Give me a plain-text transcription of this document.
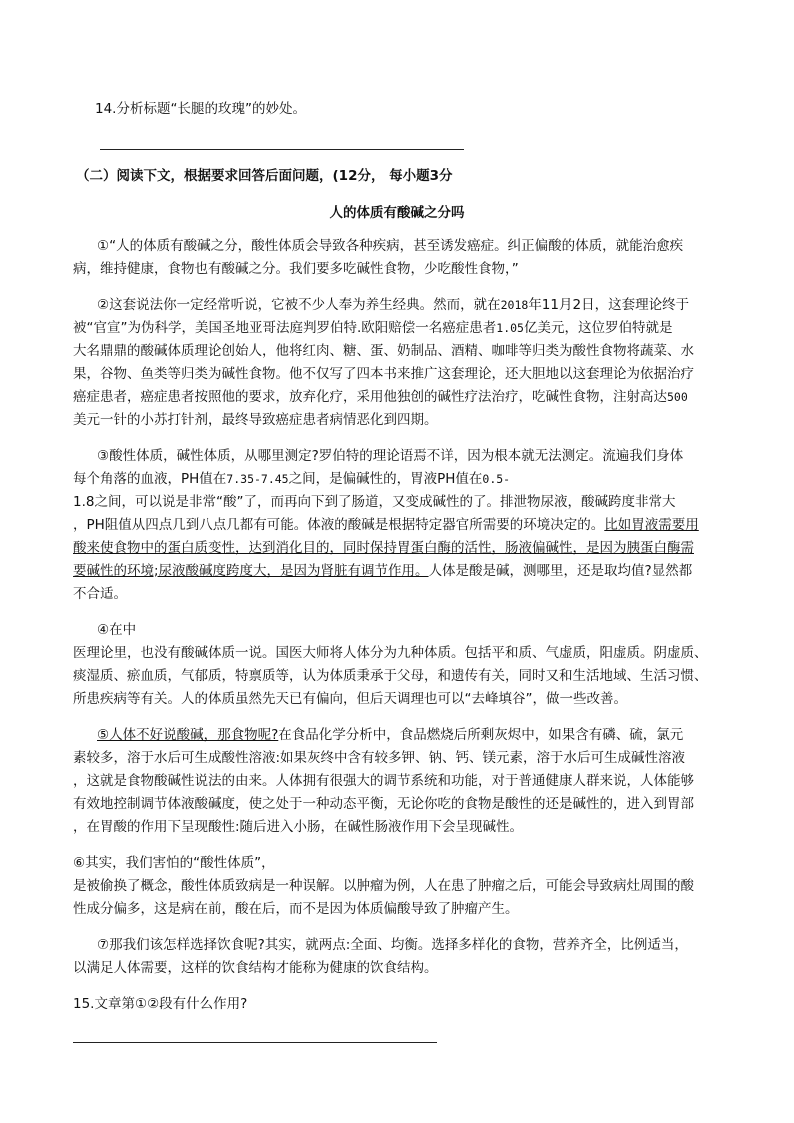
14.分析标题“长腿的玫瑰”的妙处。
（二）阅读下文，根据要求回答后面问题，(12分， 每小题3分
人的体质有酸碱之分吗
①“人的体质有酸碱之分，酸性体质会导致各种疾病，甚至诱发癌症。纠正偏酸的体质，就能治愈疾
病，维持健康，食物也有酸碱之分。我们要多吃碱性食物，少吃酸性食物，”
②这套说法你一定经常听说，它被不少人奉为养生经典。然而，就在2018年11月2日，这套理论终于
被“官宣”为伪科学，美国圣地亚哥法庭判罗伯特.欧阳赔偿一名癌症患者1.05亿美元，这位罗伯特就是
大名鼎鼎的酸碱体质理论创始人，他将红肉、糖、蛋、奶制品、酒精、咖啡等归类为酸性食物将蔬菜、水
果，谷物、鱼类等归类为碱性食物。他不仅写了四本书来推广这套理论，还大胆地以这套理论为依据治疗
癌症患者，癌症患者按照他的要求，放弃化疗，采用他独创的碱性疗法治疗，吃碱性食物，注射高达500
美元一针的小苏打针剂，最终导致癌症患者病情恶化到四期。
③酸性体质，碱性体质，从哪里测定?罗伯特的理论语焉不详，因为根本就无法测定。流遍我们身体
每个角落的血液，PH值在7.35-7.45之间，是偏碱性的，胃液PH值在0.5-
1.8之间，可以说是非常“酸”了，而再向下到了肠道，又变成碱性的了。排泄物尿液，酸碱跨度非常大
，PH阻值从四点几到八点几都有可能。体液的酸碱是根据特定器官所需要的环境决定的。比如胃液需要用
酸来使食物中的蛋白质变性，达到消化目的，同时保持胃蛋白酶的活性，肠液偏碱性，是因为胰蛋白酶需
要碱性的环境;尿液酸碱度跨度大，是因为肾脏有调节作用。人体是酸是碱，测哪里，还是取均值?显然都
不合适。
④在中
医理论里，也没有酸碱体质一说。国医大师将人体分为九种体质。包括平和质、气虚质，阳虚质。阴虚质、
痰湿质、瘀血质，气郁质，特禀质等，认为体质秉承于父母，和遗传有关，同时又和生活地域、生活习惯、
所患疾病等有关。人的体质虽然先天已有偏向，但后天调理也可以“去峰填谷”，做一些改善。
⑤人体不好说酸碱，那食物呢?在食品化学分析中，食品燃烧后所剩灰烬中，如果含有磷、硫，氯元
素较多，溶于水后可生成酸性溶液:如果灰终中含有较多钾、钠、钙、镁元素，溶于水后可生成碱性溶液
，这就是食物酸碱性说法的由来。人体拥有很强大的调节系统和功能，对于普通健康人群来说，人体能够
有效地控制调节体液酸碱度，使之处于一种动态平衡，无论你吃的食物是酸性的还是碱性的，进入到胃部
，在胃酸的作用下呈现酸性:随后进入小肠，在碱性肠液作用下会呈现碱性。
⑥其实，我们害怕的“酸性体质”，
是被偷换了概念，酸性体质致病是一种误解。以肿瘤为例，人在患了肿瘤之后，可能会导致病灶周围的酸
性成分偏多，这是病在前，酸在后，而不是因为体质偏酸导致了肿瘤产生。
⑦那我们该怎样选择饮食呢?其实，就两点:全面、均衡。选择多样化的食物，营养齐全，比例适当，
以满足人体需要，这样的饮食结构才能称为健康的饮食结构。
15.文章第①②段有什么作用?
